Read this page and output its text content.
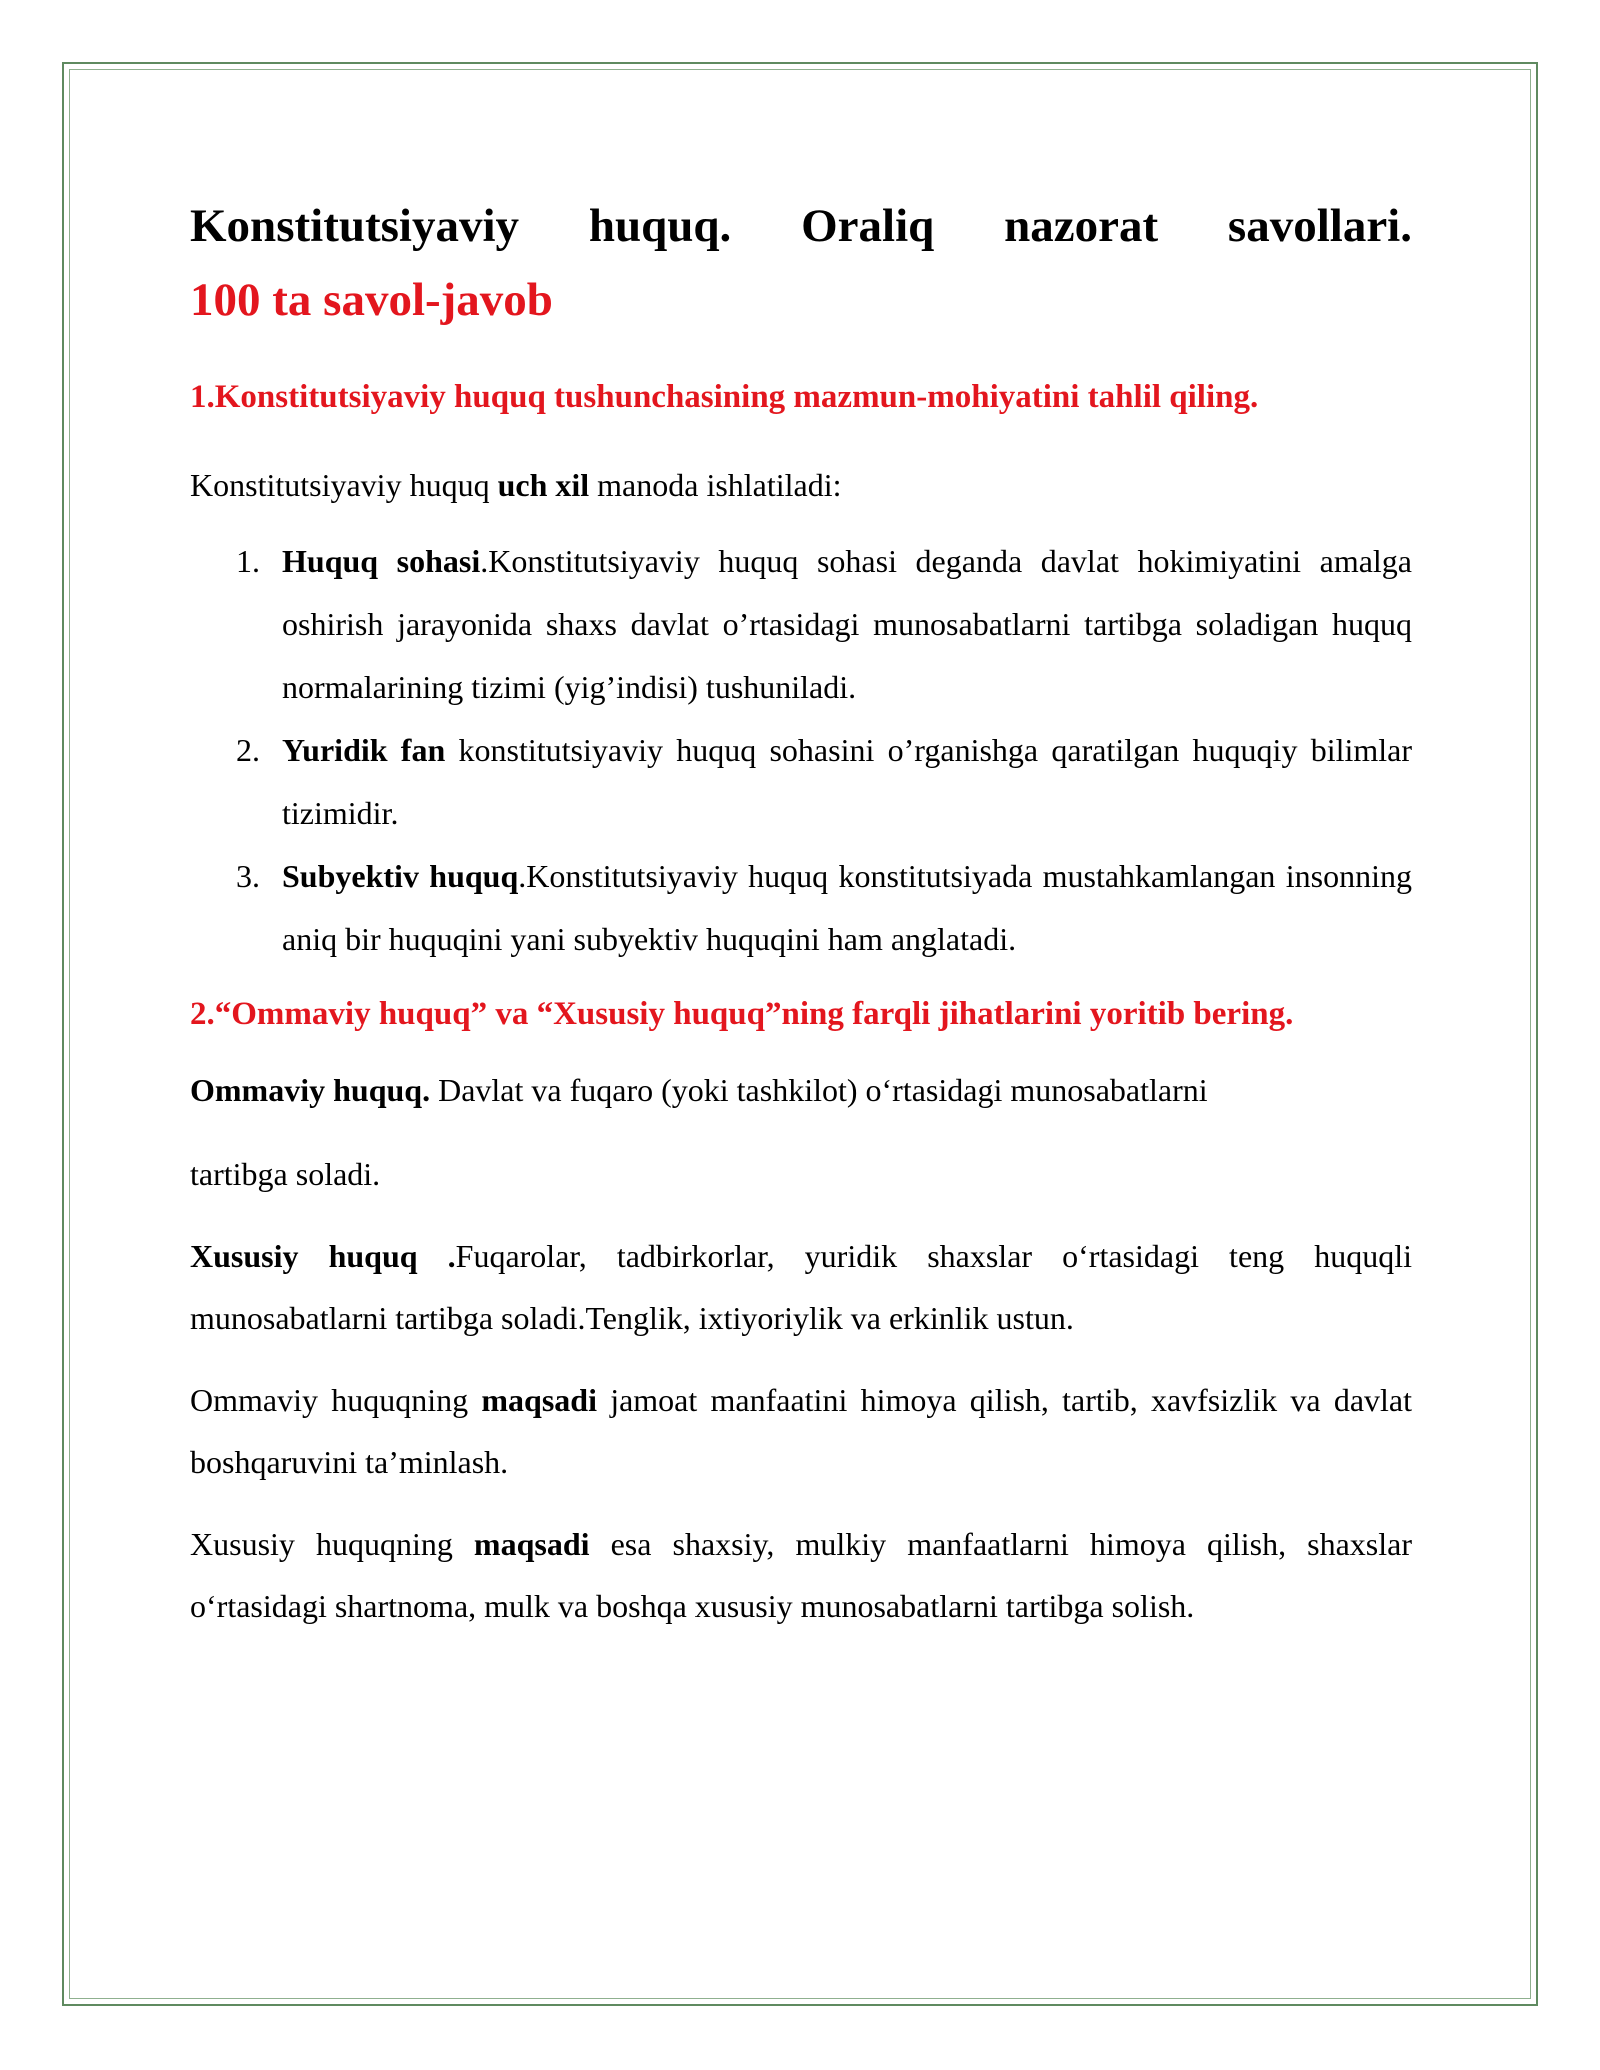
Konstitutsiyaviy huquq. Oraliq nazorat savollari.

100 ta savol-javob

1.Konstitutsiyaviy huquq tushunchasining mazmun-mohiyatini tahlil qiling.

Konstitutsiyaviy huquq uch xil manoda ishlatiladi:

1. Huquq sohasi.Konstitutsiyaviy huquq sohasi deganda davlat hokimiyatini amalga oshirish jarayonida shaxs davlat o’rtasidagi munosabatlarni tartibga soladigan huquq normalarining tizimi (yig’indisi) tushuniladi.
2. Yuridik fan konstitutsiyaviy huquq sohasini o’rganishga qaratilgan huquqiy bilimlar tizimidir.
3. Subyektiv huquq.Konstitutsiyaviy huquq konstitutsiyada mustahkamlangan insonning aniq bir huquqini yani subyektiv huquqini ham anglatadi.

2.“Ommaviy huquq” va “Xususiy huquq”ning farqli jihatlarini yoritib bering.

Ommaviy huquq. Davlat va fuqaro (yoki tashkilot) o‘rtasidagi munosabatlarni

tartibga soladi.

Xususiy huquq .Fuqarolar, tadbirkorlar, yuridik shaxslar o‘rtasidagi teng huquqli munosabatlarni tartibga soladi.Tenglik, ixtiyoriylik va erkinlik ustun.

Ommaviy huquqning maqsadi jamoat manfaatini himoya qilish, tartib, xavfsizlik va davlat boshqaruvini ta’minlash.

Xususiy huquqning maqsadi esa shaxsiy, mulkiy manfaatlarni himoya qilish, shaxslar o‘rtasidagi shartnoma, mulk va boshqa xususiy munosabatlarni tartibga solish.
